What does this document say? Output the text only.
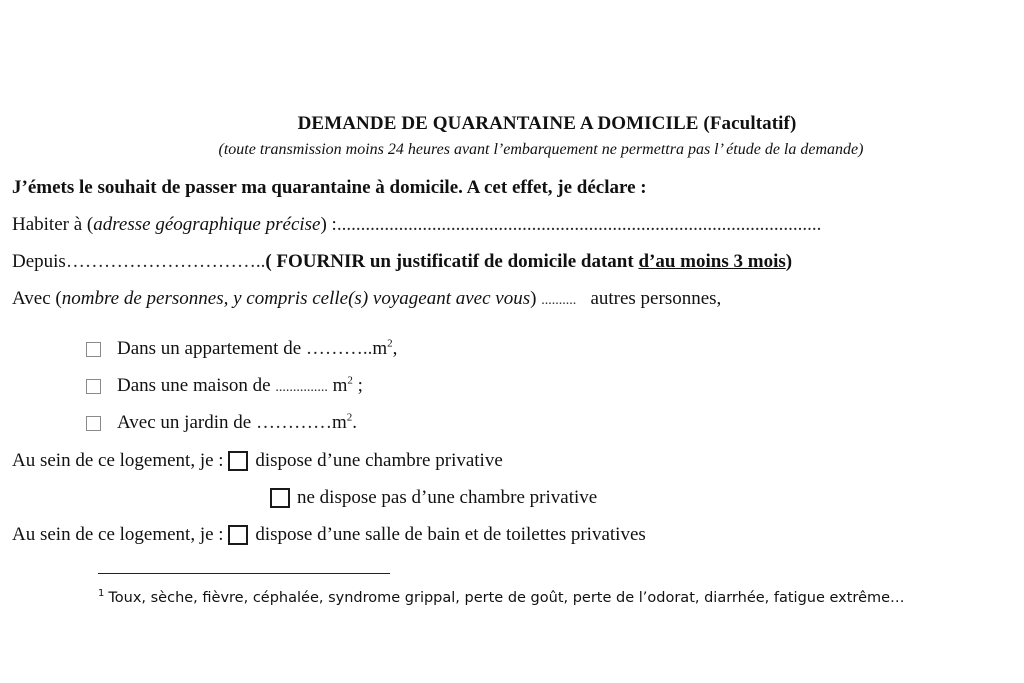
DEMANDE DE QUARANTAINE A DOMICILE (Facultatif)
(toute transmission moins 24 heures avant l’embarquement ne permettra pas l’ étude de la demande)
J’émets le souhait de passer ma quarantaine à domicile. A cet effet, je déclare :
Habiter à (adresse géographique précise) :......................................................................................................
Depuis…………………………..( FOURNIR un justificatif de domicile datant d’au moins 3 mois)
Avec (nombre de personnes, y compris celle(s) voyageant avec vous) .......... autres personnes,
Dans un appartement de $\dots\dots\dots..m^2$,
Dans une maison de ............... $m^2$ ;
Avec un jardin de $\dots\dots\dots\dots m^2$.
Au sein de ce logement, je :
dispose d’une chambre privative
ne dispose pas d’une chambre privative
Au sein de ce logement, je :
dispose d’une salle de bain et de toilettes privatives
$^1$ Toux, sèche, fièvre, céphalée, syndrome grippal, perte de goût, perte de l’odorat, diarrhée, fatigue extrême…
